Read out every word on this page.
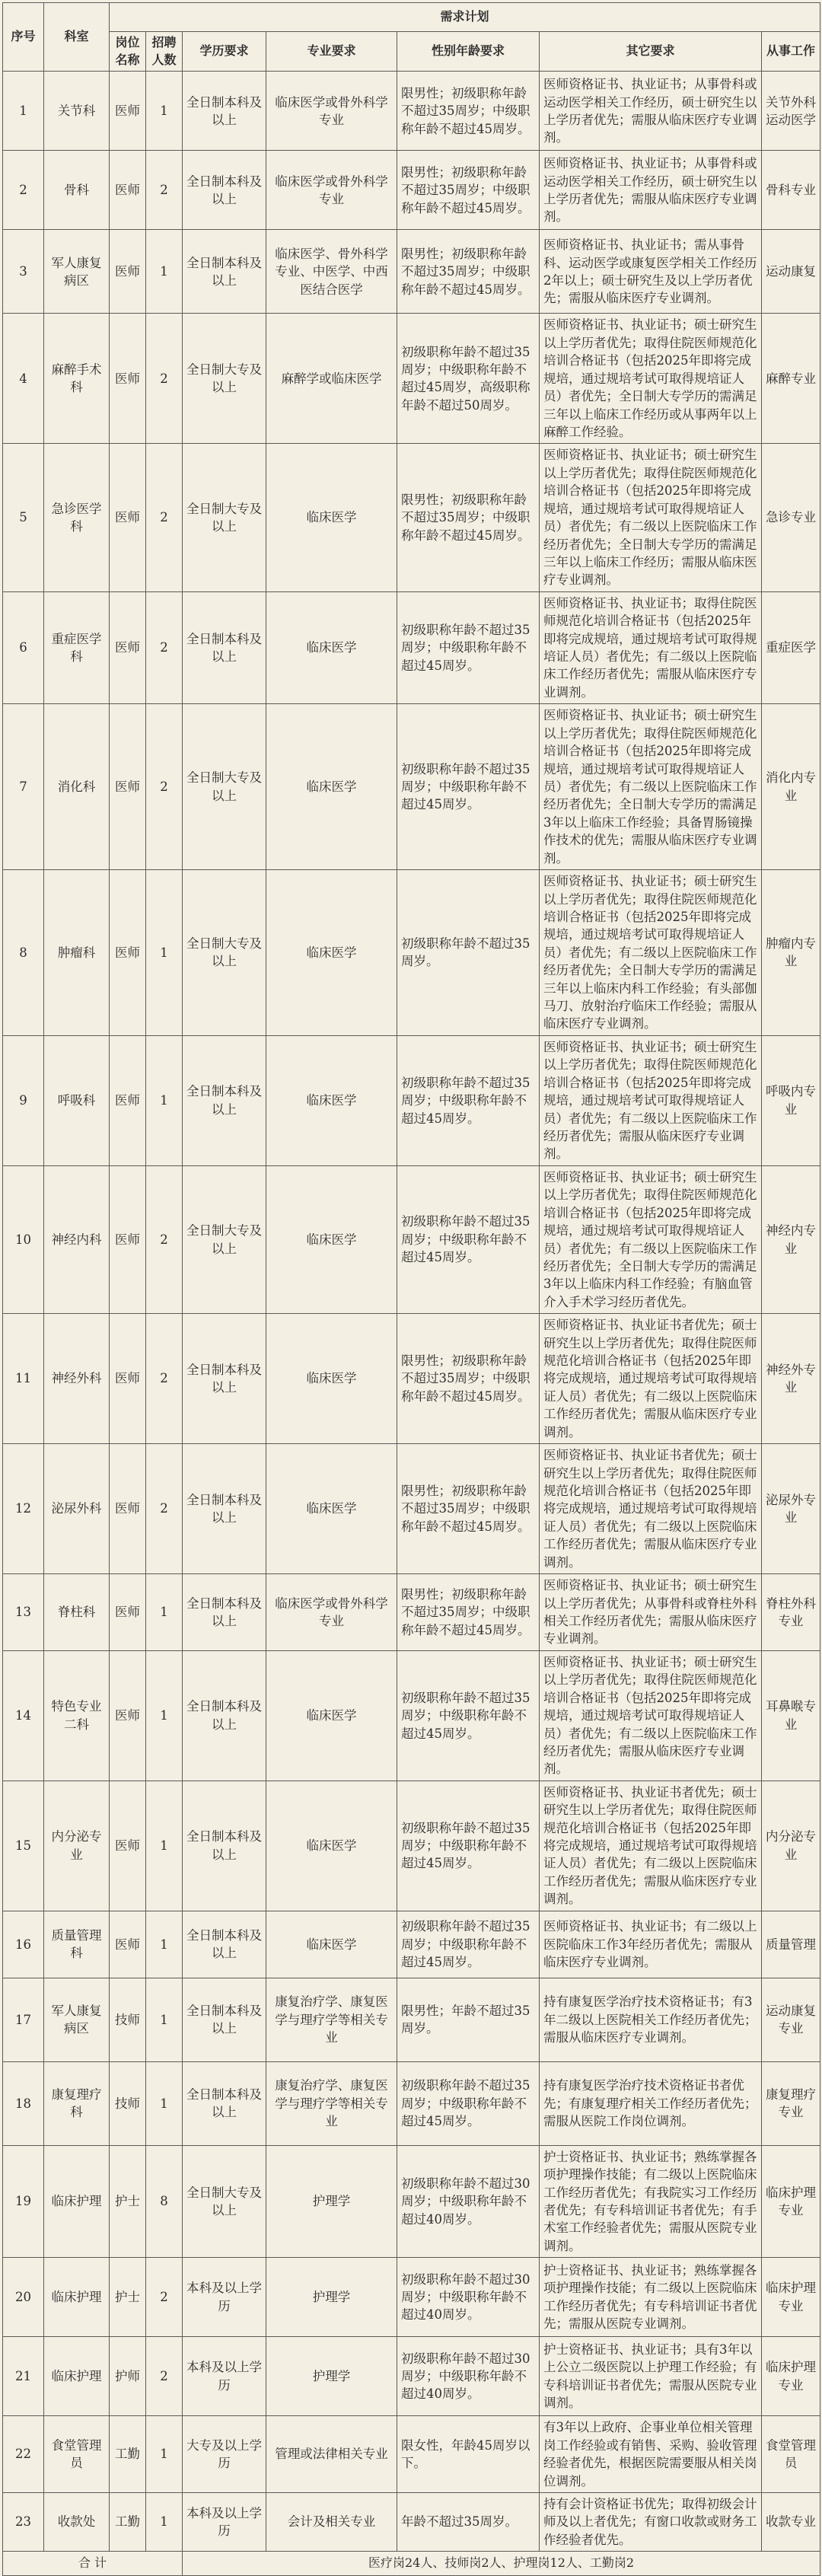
序号	科室	需求计划						
		岗位名称	招聘人数	学历要求	专业要求	性别年龄要求	其它要求	从事工作
1	关节科	医师	1	全日制本科及以上	临床医学或骨外科学专业	限男性；初级职称年龄不超过35周岁；中级职称年龄不超过45周岁。	医师资格证书、执业证书；从事骨科或运动医学相关工作经历，硕士研究生以上学历者优先；需服从临床医疗专业调剂。	关节外科运动医学
2	骨科	医师	2	全日制本科及以上	临床医学或骨外科学专业	限男性；初级职称年龄不超过35周岁；中级职称年龄不超过45周岁。	医师资格证书、执业证书；从事骨科或运动医学相关工作经历，硕士研究生以上学历者优先；需服从临床医疗专业调剂。	骨科专业
3	军人康复病区	医师	1	全日制本科及以上	临床医学、骨外科学专业、中医学、中西医结合医学	限男性；初级职称年龄不超过35周岁；中级职称年龄不超过45周岁。	医师资格证书、执业证书；需从事骨科、运动医学或康复医学相关工作经历2年以上；硕士研究生及以上学历者优先；需服从临床医疗专业调剂。	运动康复
4	麻醉手术科	医师	2	全日制大专及以上	麻醉学或临床医学	初级职称年龄不超过35周岁；中级职称年龄不超过45周岁，高级职称年龄不超过50周岁。	医师资格证书、执业证书；硕士研究生以上学历者优先；取得住院医师规范化培训合格证书（包括2025年即将完成规培，通过规培考试可取得规培证人员）者优先；全日制大专学历的需满足三年以上临床工作经历或从事两年以上麻醉工作经验。	麻醉专业
5	急诊医学科	医师	2	全日制大专及以上	临床医学	限男性；初级职称年龄不超过35周岁；中级职称年龄不超过45周岁。	医师资格证书、执业证书；硕士研究生以上学历者优先；取得住院医师规范化培训合格证书（包括2025年即将完成规培，通过规培考试可取得规培证人员）者优先；有二级以上医院临床工作经历者优先；全日制大专学历的需满足三年以上临床工作经历；需服从临床医疗专业调剂。	急诊专业
6	重症医学科	医师	2	全日制本科及以上	临床医学	初级职称年龄不超过35周岁；中级职称年龄不超过45周岁。	医师资格证书、执业证书；取得住院医师规范化培训合格证书（包括2025年即将完成规培，通过规培考试可取得规培证人员）者优先；有二级以上医院临床工作经历者优先；需服从临床医疗专业调剂。	重症医学
7	消化科	医师	2	全日制大专及以上	临床医学	初级职称年龄不超过35周岁；中级职称年龄不超过45周岁。	医师资格证书、执业证书；硕士研究生以上学历者优先；取得住院医师规范化培训合格证书（包括2025年即将完成规培，通过规培考试可取得规培证人员）者优先；有二级以上医院临床工作经历者优先；全日制大专学历的需满足3年以上临床工作经验；具备胃肠镜操作技术的优先；需服从临床医疗专业调剂。	消化内专业
8	肿瘤科	医师	1	全日制大专及以上	临床医学	初级职称年龄不超过35周岁。	医师资格证书、执业证书；硕士研究生以上学历者优先；取得住院医师规范化培训合格证书（包括2025年即将完成规培，通过规培考试可取得规培证人员）者优先；有二级以上医院临床工作经历者优先；全日制大专学历的需满足三年以上临床内科工作经验；有头部伽马刀、放射治疗临床工作经验；需服从临床医疗专业调剂。	肿瘤内专业
9	呼吸科	医师	1	全日制本科及以上	临床医学	初级职称年龄不超过35周岁；中级职称年龄不超过45周岁。	医师资格证书、执业证书；硕士研究生以上学历者优先；取得住院医师规范化培训合格证书（包括2025年即将完成规培，通过规培考试可取得规培证人员）者优先；有二级以上医院临床工作经历者优先；需服从临床医疗专业调剂。	呼吸内专业
10	神经内科	医师	2	全日制大专及以上	临床医学	初级职称年龄不超过35周岁；中级职称年龄不超过45周岁。	医师资格证书、执业证书；硕士研究生以上学历者优先；取得住院医师规范化培训合格证书（包括2025年即将完成规培，通过规培考试可取得规培证人员）者优先；有二级以上医院临床工作经历者优先；全日制大专学历的需满足3年以上临床内科工作经验；有脑血管介入手术学习经历者优先。	神经内专业
11	神经外科	医师	2	全日制本科及以上	临床医学	限男性；初级职称年龄不超过35周岁；中级职称年龄不超过45周岁。	医师资格证书、执业证书者优先；硕士研究生以上学历者优先；取得住院医师规范化培训合格证书（包括2025年即将完成规培，通过规培考试可取得规培证人员）者优先；有二级以上医院临床工作经历者优先；需服从临床医疗专业调剂。	神经外专业
12	泌尿外科	医师	2	全日制本科及以上	临床医学	限男性；初级职称年龄不超过35周岁；中级职称年龄不超过45周岁。	医师资格证书、执业证书者优先；硕士研究生以上学历者优先；取得住院医师规范化培训合格证书（包括2025年即将完成规培，通过规培考试可取得规培证人员）者优先；有二级以上医院临床工作经历者优先；需服从临床医疗专业调剂。	泌尿外专业
13	脊柱科	医师	1	全日制本科及以上	临床医学或骨外科学专业	限男性；初级职称年龄不超过35周岁；中级职称年龄不超过45周岁。	医师资格证书、执业证书；硕士研究生以上学历者优先；从事骨科或脊柱外科相关工作经历者优先；需服从临床医疗专业调剂。	脊柱外科专业
14	特色专业二科	医师	1	全日制本科及以上	临床医学	初级职称年龄不超过35周岁；中级职称年龄不超过45周岁。	医师资格证书、执业证书；硕士研究生以上学历者优先；取得住院医师规范化培训合格证书（包括2025年即将完成规培，通过规培考试可取得规培证人员）者优先；有二级以上医院临床工作经历者优先；需服从临床医疗专业调剂。	耳鼻喉专业
15	内分泌专业	医师	1	全日制本科及以上	临床医学	初级职称年龄不超过35周岁；中级职称年龄不超过45周岁。	医师资格证书、执业证书者优先；硕士研究生以上学历者优先；取得住院医师规范化培训合格证书（包括2025年即将完成规培，通过规培考试可取得规培证人员）者优先；有二级以上医院临床工作经历者优先；需服从临床医疗专业调剂。	内分泌专业
16	质量管理科	医师	1	全日制本科及以上	临床医学	初级职称年龄不超过35周岁；中级职称年龄不超过45周岁。	医师资格证书、执业证书；有二级以上医院临床工作3年经历者优先；需服从临床医疗专业调剂。	质量管理
17	军人康复病区	技师	1	全日制本科及以上	康复治疗学、康复医学与理疗学等相关专业	限男性；年龄不超过35周岁。	持有康复医学治疗技术资格证书；有3年二级以上医院相关工作经历者优先；需服从临床医疗专业调剂。	运动康复专业
18	康复理疗科	技师	1	全日制本科及以上	康复治疗学、康复医学与理疗学等相关专业	初级职称年龄不超过35周岁；中级职称年龄不超过45周岁。	持有康复医学治疗技术资格证书者优先；有康复理疗相关工作经历者优先；需服从医院工作岗位调剂。	康复理疗专业
19	临床护理	护士	8	全日制大专及以上	护理学	初级职称年龄不超过30周岁；中级职称年龄不超过40周岁。	护士资格证书、执业证书；熟练掌握各项护理操作技能；有二级以上医院临床工作经历者优先；有我院实习工作经历者优先；有专科培训证书者优先；有手术室工作经验者优先；需服从医院专业调剂。	临床护理专业
20	临床护理	护士	2	本科及以上学历	护理学	初级职称年龄不超过30周岁；中级职称年龄不超过40周岁。	护士资格证书、执业证书；熟练掌握各项护理操作技能；有二级以上医院临床工作经历者优先；有专科培训证书者优先；需服从医院专业调剂。	临床护理专业
21	临床护理	护师	2	本科及以上学历	护理学	初级职称年龄不超过30周岁；中级职称年龄不超过40周岁。	护士资格证书、执业证书；具有3年以上公立二级医院以上护理工作经验；有专科培训证书者优先；需服从医院专业调剂。	临床护理专业
22	食堂管理员	工勤	1	大专及以上学历	管理或法律相关专业	限女性，年龄45周岁以下。	有3年以上政府、企事业单位相关管理岗工作经验或有销售、采购、验收管理经验者优先，根据医院需要服从相关岗位调剂。	食堂管理员
23	收款处	工勤	1	本科及以上学历	会计及相关专业	年龄不超过35周岁。	持有会计资格证书优先；取得初级会计师及以上者优先；有窗口收款或财务工作经验者优先。	收款专业
合 计				医疗岗24人、技师岗2人、护理岗12人、工勤岗2				
